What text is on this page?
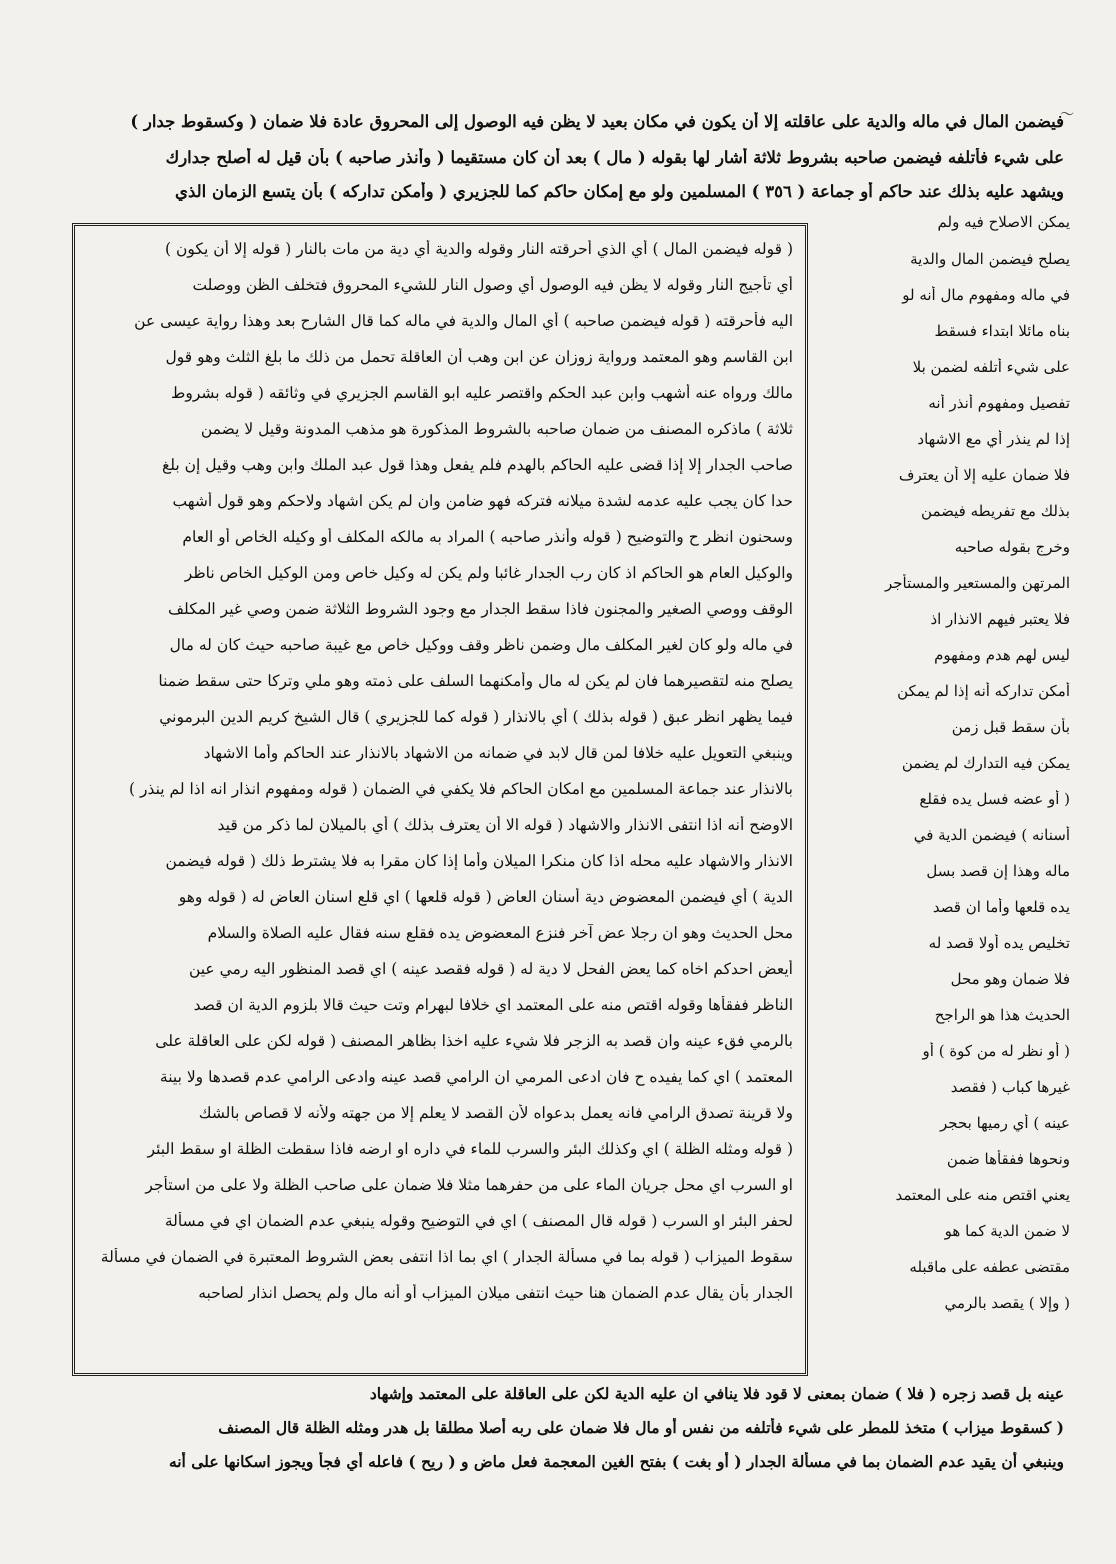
〜
فيضمن المال في ماله والدية على عاقلته إلا أن يكون في مكان بعيد لا يظن فيه الوصول إلى المحروق عادة فلا ضمان ( وكسقوط جدار )
على شيء فأتلفه فيضمن صاحبه بشروط ثلاثة أشار لها بقوله ( مال ) بعد أن كان مستقيما ( وأنذر صاحبه ) بأن قيل له أصلح جدارك
ويشهد عليه بذلك عند حاكم أو جماعة ( ٣٥٦ ) المسلمين ولو مع إمكان حاكم كما للجزيري ( وأمكن تداركه ) بأن يتسع الزمان الذي
يمكن الاصلاح فيه ولم
يصلح فيضمن المال والدية
في ماله ومفهوم مال أنه لو
بناه مائلا ابتداء فسقط
على شيء أتلفه لضمن بلا
تفصيل ومفهوم أنذر أنه
إذا لم ينذر أي مع الاشهاد
فلا ضمان عليه إلا أن يعترف
بذلك مع تفريطه فيضمن
وخرج بقوله صاحبه
المرتهن والمستعير والمستأجر
فلا يعتبر فيهم الانذار اذ
ليس لهم هدم ومفهوم
أمكن تداركه أنه إذا لم يمكن
بأن سقط قبل زمن
يمكن فيه التدارك لم يضمن
( أو عضه فسل يده فقلع
أسنانه ) فيضمن الدية في
ماله وهذا إن قصد بسل
يده قلعها وأما ان قصد
تخليص يده أولا قصد له
فلا ضمان وهو محل
الحديث هذا هو الراجح
( أو نظر له من كوة ) أو
غيرها كباب ( فقصد
عينه ) أي رميها بحجر
ونحوها ففقأها ضمن
يعني اقتص منه على المعتمد
لا ضمن الدية كما هو
مقتضى عطفه على ماقبله
( وإلا ) يقصد بالرمي
( قوله فيضمن المال ) أي الذي أحرقته النار وقوله والدية أي دية من مات بالنار ( قوله إلا أن يكون )
أي تأجيج النار وقوله لا يظن فيه الوصول أي وصول النار للشيء المحروق فتخلف الظن ووصلت
اليه فأحرقته ( قوله فيضمن صاحبه ) أي المال والدية في ماله كما قال الشارح بعد وهذا رواية عيسى عن
ابن القاسم وهو المعتمد ورواية زوزان عن ابن وهب أن العاقلة تحمل من ذلك ما بلغ الثلث وهو قول
مالك ورواه عنه أشهب وابن عبد الحكم واقتصر عليه ابو القاسم الجزيري في وثائقه ( قوله بشروط
ثلاثة ) ماذكره المصنف من ضمان صاحبه بالشروط المذكورة هو مذهب المدونة وقيل لا يضمن
صاحب الجدار إلا إذا قضى عليه الحاكم بالهدم فلم يفعل وهذا قول عبد الملك وابن وهب وقيل إن بلغ
حدا كان يجب عليه عدمه لشدة ميلانه فتركه فهو ضامن وان لم يكن اشهاد ولاحكم وهو قول أشهب
وسحنون انظر ح والتوضيح ( قوله وأنذر صاحبه ) المراد به مالكه المكلف أو وكيله الخاص أو العام
والوكيل العام هو الحاكم اذ كان رب الجدار غائبا ولم يكن له وكيل خاص ومن الوكيل الخاص ناظر
الوقف ووصي الصغير والمجنون فاذا سقط الجدار مع وجود الشروط الثلاثة ضمن وصي غير المكلف
في ماله ولو كان لغير المكلف مال وضمن ناظر وقف ووكيل خاص مع غيبة صاحبه حيث كان له مال
يصلح منه لتقصيرهما فان لم يكن له مال وأمكنهما السلف على ذمته وهو ملي وتركا حتى سقط ضمنا
فيما يظهر انظر عبق ( قوله بذلك ) أي بالانذار ( قوله كما للجزيري ) قال الشيخ كريم الدين البرموني
وينبغي التعويل عليه خلافا لمن قال لابد في ضمانه من الاشهاد بالانذار عند الحاكم وأما الاشهاد
بالانذار عند جماعة المسلمين مع امكان الحاكم فلا يكفي في الضمان ( قوله ومفهوم انذار انه اذا لم ينذر )
الاوضح أنه اذا انتفى الانذار والاشهاد ( قوله الا أن يعترف بذلك ) أي بالميلان لما ذكر من قيد
الانذار والاشهاد عليه محله اذا كان منكرا الميلان وأما إذا كان مقرا به فلا يشترط ذلك ( قوله فيضمن
الدية ) أي فيضمن المعضوض دية أسنان العاض ( قوله قلعها ) اي قلع اسنان العاض له ( قوله وهو
محل الحديث وهو ان رجلا عض آخر فنزع المعضوض يده فقلع سنه فقال عليه الصلاة والسلام
أيعض احدكم اخاه كما يعض الفحل لا دية له ( قوله فقصد عينه ) اي قصد المنظور اليه رمي عين
الناظر ففقأها وقوله اقتص منه على المعتمد اي خلافا لبهرام وتت حيث قالا بلزوم الدية ان قصد
بالرمي فقء عينه وان قصد به الزجر فلا شيء عليه اخذا بظاهر المصنف ( قوله لكن على العاقلة على
المعتمد ) اي كما يفيده ح فان ادعى المرمي ان الرامي قصد عينه وادعى الرامي عدم قصدها ولا بينة
ولا قرينة تصدق الرامي فانه يعمل بدعواه لأن القصد لا يعلم إلا من جهته ولأنه لا قصاص بالشك
( قوله ومثله الظلة ) اي وكذلك البئر والسرب للماء في داره او ارضه فاذا سقطت الظلة او سقط البئر
او السرب اي محل جريان الماء على من حفرهما مثلا فلا ضمان على صاحب الظلة ولا على من استأجر
لحفر البئر او السرب ( قوله قال المصنف ) اي في التوضيح وقوله ينبغي عدم الضمان اي في مسألة
سقوط الميزاب ( قوله بما في مسألة الجدار ) اي بما اذا انتفى بعض الشروط المعتبرة في الضمان في مسألة
الجدار بأن يقال عدم الضمان هنا حيث انتفى ميلان الميزاب أو أنه مال ولم يحصل انذار لصاحبه
عينه بل قصد زجره ( فلا ) ضمان بمعنى لا قود فلا ينافي ان عليه الدية لكن على العاقلة على المعتمد وإشهاد
( كسقوط ميزاب ) متخذ للمطر على شيء فأتلفه من نفس أو مال فلا ضمان على ربه أصلا مطلقا بل هدر ومثله الظلة قال المصنف
وينبغي أن يقيد عدم الضمان بما في مسألة الجدار ( أو بغت ) بفتح الغين المعجمة فعل ماض و ( ريح ) فاعله أي فجأ ويجوز اسكانها على أنه
